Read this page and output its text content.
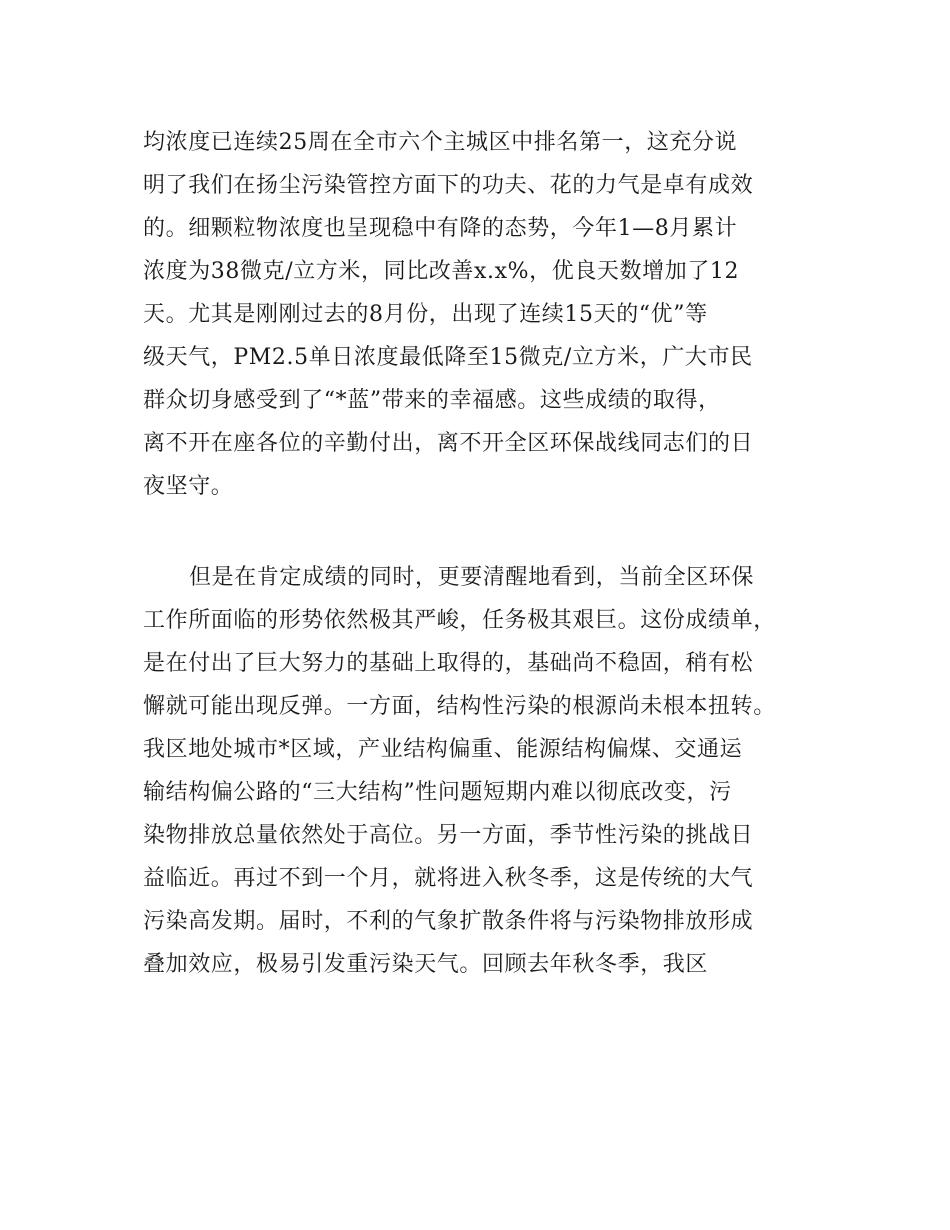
均浓度已连续25周在全市六个主城区中排名第一，这充分说
明了我们在扬尘污染管控方面下的功夫、花的力气是卓有成效
的。细颗粒物浓度也呈现稳中有降的态势，今年1—8月累计
浓度为38微克/立方米，同比改善x.x%，优良天数增加了12
天。尤其是刚刚过去的8月份，出现了连续15天的“优”等
级天气，PM2.5单日浓度最低降至15微克/立方米，广大市民
群众切身感受到了“*蓝”带来的幸福感。这些成绩的取得，
离不开在座各位的辛勤付出，离不开全区环保战线同志们的日
夜坚守。
但是在肯定成绩的同时，更要清醒地看到，当前全区环保
工作所面临的形势依然极其严峻，任务极其艰巨。这份成绩单，
是在付出了巨大努力的基础上取得的，基础尚不稳固，稍有松
懈就可能出现反弹。一方面，结构性污染的根源尚未根本扭转。
我区地处城市*区域，产业结构偏重、能源结构偏煤、交通运
输结构偏公路的“三大结构”性问题短期内难以彻底改变，污
染物排放总量依然处于高位。另一方面，季节性污染的挑战日
益临近。再过不到一个月，就将进入秋冬季，这是传统的大气
污染高发期。届时，不利的气象扩散条件将与污染物排放形成
叠加效应，极易引发重污染天气。回顾去年秋冬季，我区
